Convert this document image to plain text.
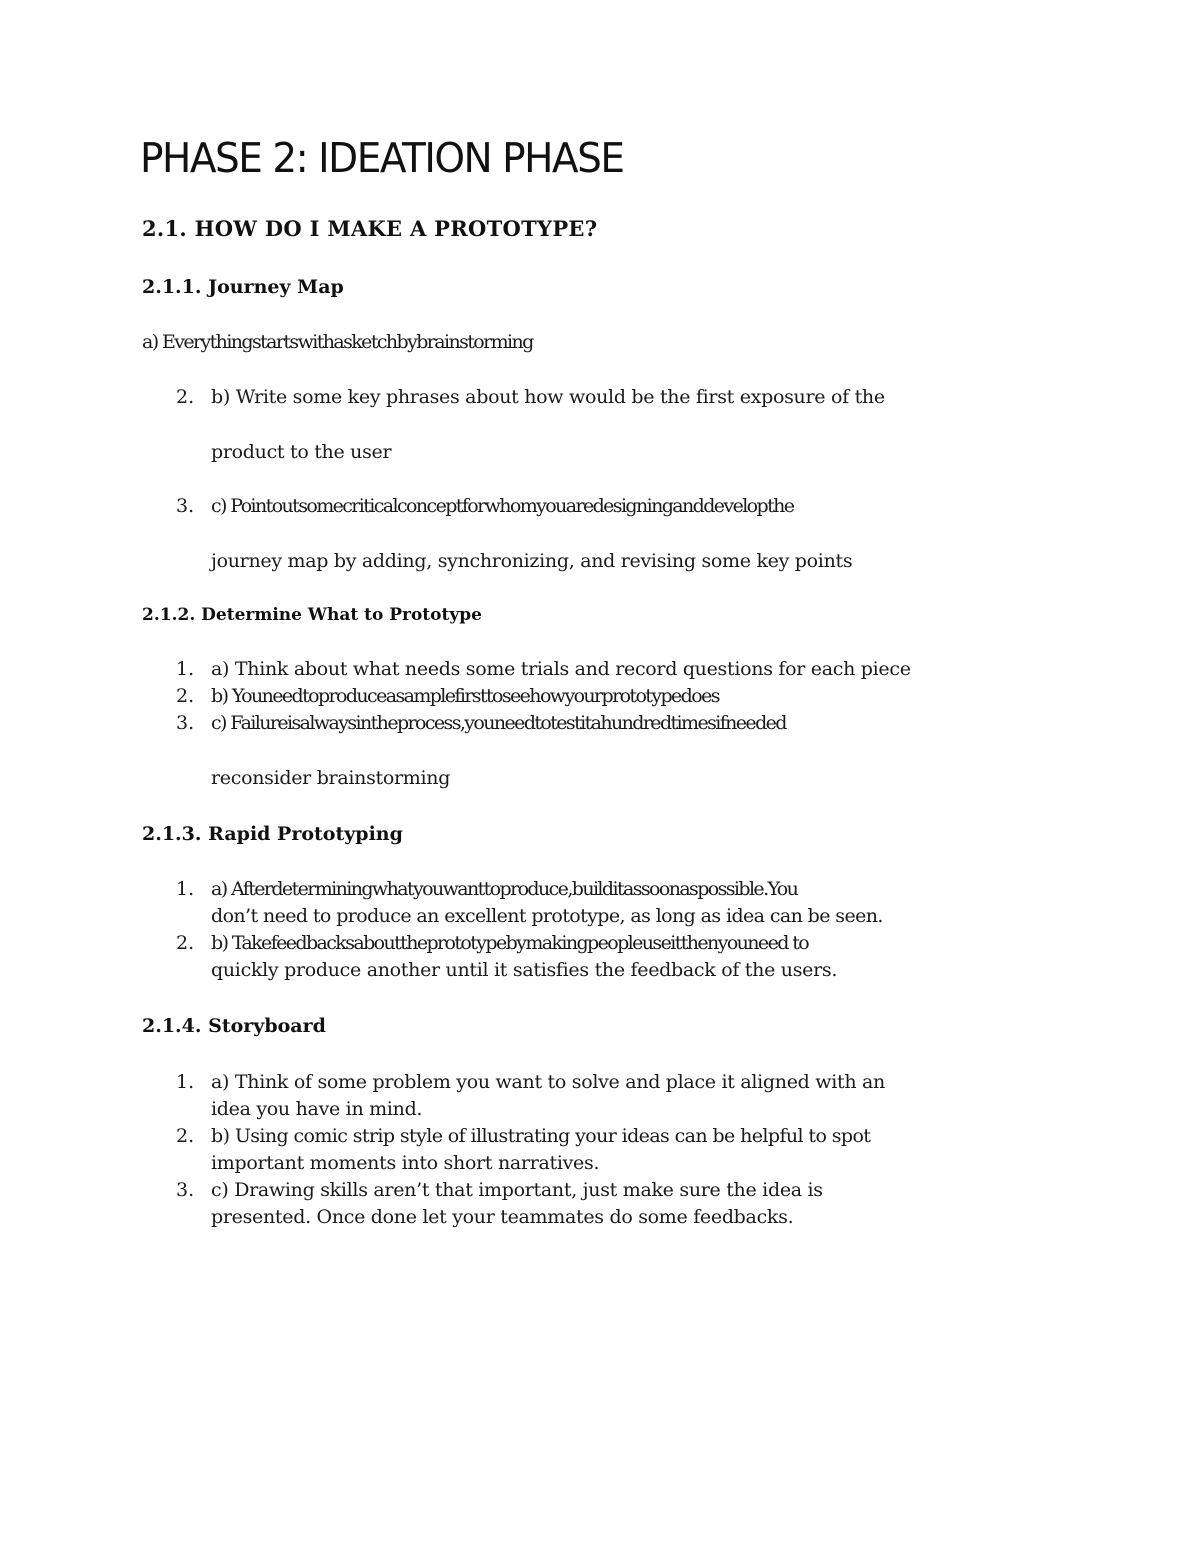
PHASE 2: IDEATION PHASE
2.1. HOW DO I MAKE A PROTOTYPE?
2.1.1. Journey Map
a) Everythingstartswithasketchbybrainstorming
2. b) Write some key phrases about how would be the first exposure of the
product to the user
3. c) Pointoutsomecriticalconceptforwhomyouaredesigninganddevelopthe
journey map by adding, synchronizing, and revising some key points
2.1.2. Determine What to Prototype
1. a) Think about what needs some trials and record questions for each piece
2. b) Youneedtoproduceasamplefirsttoseehowyourprototypedoes
3. c) Failureisalwaysintheprocess,youneedtotestitahundredtimesifneeded
reconsider brainstorming
2.1.3. Rapid Prototyping
1. a) Afterdeterminingwhatyouwanttoproduce,builditassoonaspossible.You
don’t need to produce an excellent prototype, as long as idea can be seen.
2. b) Takefeedbacksabouttheprototypebymakingpeopleuseitthenyouneed to
quickly produce another until it satisfies the feedback of the users.
2.1.4. Storyboard
1. a) Think of some problem you want to solve and place it aligned with an
idea you have in mind.
2. b) Using comic strip style of illustrating your ideas can be helpful to spot
important moments into short narratives.
3. c) Drawing skills aren’t that important, just make sure the idea is
presented. Once done let your teammates do some feedbacks.
